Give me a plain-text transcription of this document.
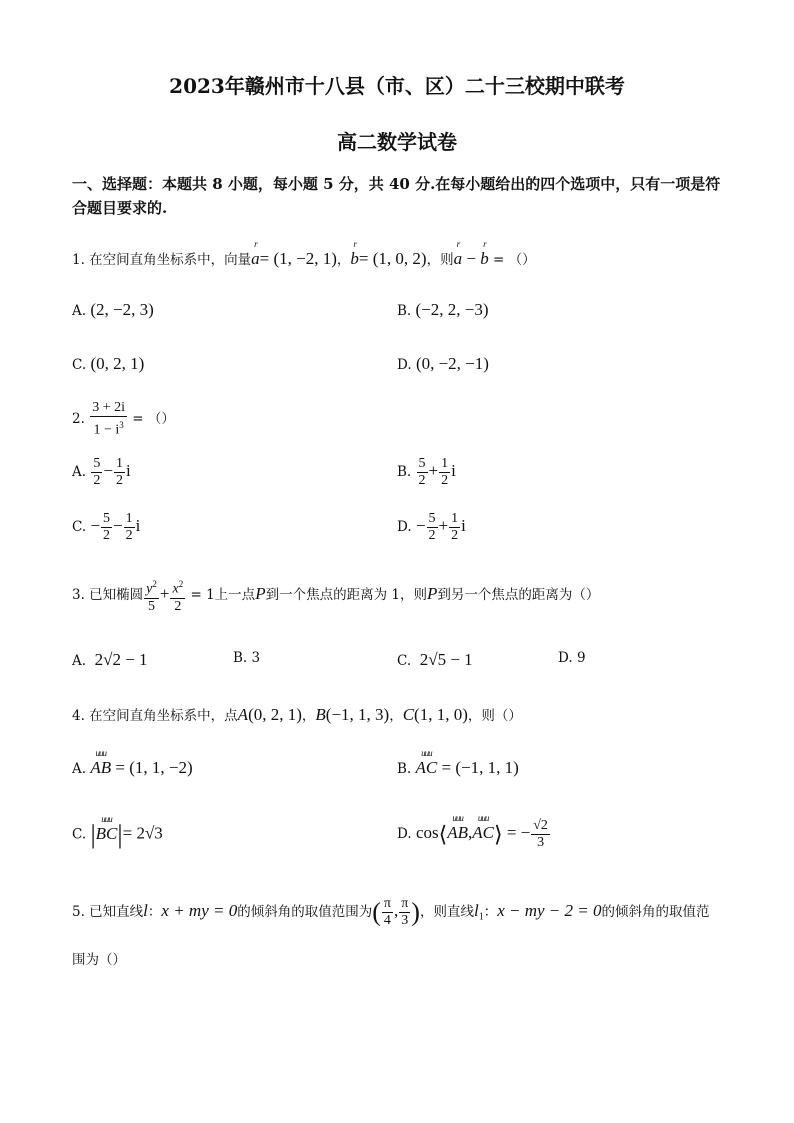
2023年赣州市十八县（市、区）二十三校期中联考
高二数学试卷
一、选择题：本题共 8 小题，每小题 5 分，共 40 分.在每小题给出的四个选项中，只有一项是符合题目要求的.
1. 在空间直角坐标系中，向量
r
a= (1, −2, 1)，
r
b= (1, 0, 2)，则
r
a −
r
b = （）
A. (2, −2, 3)	B. (−2, 2, −3)
C. (0, 2, 1)	D. (0, −2, −1)
2. $\frac{3 + 2i}{1 - i^3}$ = （）
A. $\frac{5}{2} - \frac{1}{2}$ i	B. $\frac{5}{2} + \frac{1}{2}$ i
C. − $\frac{5}{2} - \frac{1}{2}$ i	D. − $\frac{5}{2} + \frac{1}{2}$ i
3. 已知椭圆 $\frac{y^2}{5} + \frac{x^2}{2} = 1$上一点P到一个焦点的距离为 1，则P到另一个焦点的距离为（）
A. 2√2 − 1	B. 3	C. 2√5 − 1	D. 9
4. 在空间直角坐标系中，点A(0, 2, 1)，B(−1, 1, 3)，C(1, 1, 0)，则（）
A.
uuu
AB = (1, 1, −2)	B.
uuu
AC = (−1, 1, 1)
C. |
uuu
BC|= 2√3	D. cos⟨
uuu
AB,
uuu
AC⟩ = − $\frac{√2}{3}$
5. 已知直线l：x + my = 0的倾斜角的取值范围为( $\frac{\pi}{4}$ , $\frac{\pi}{3}$ )，则直线$l_1$：x − my − 2 = 0的倾斜角的取值范
围为（）
